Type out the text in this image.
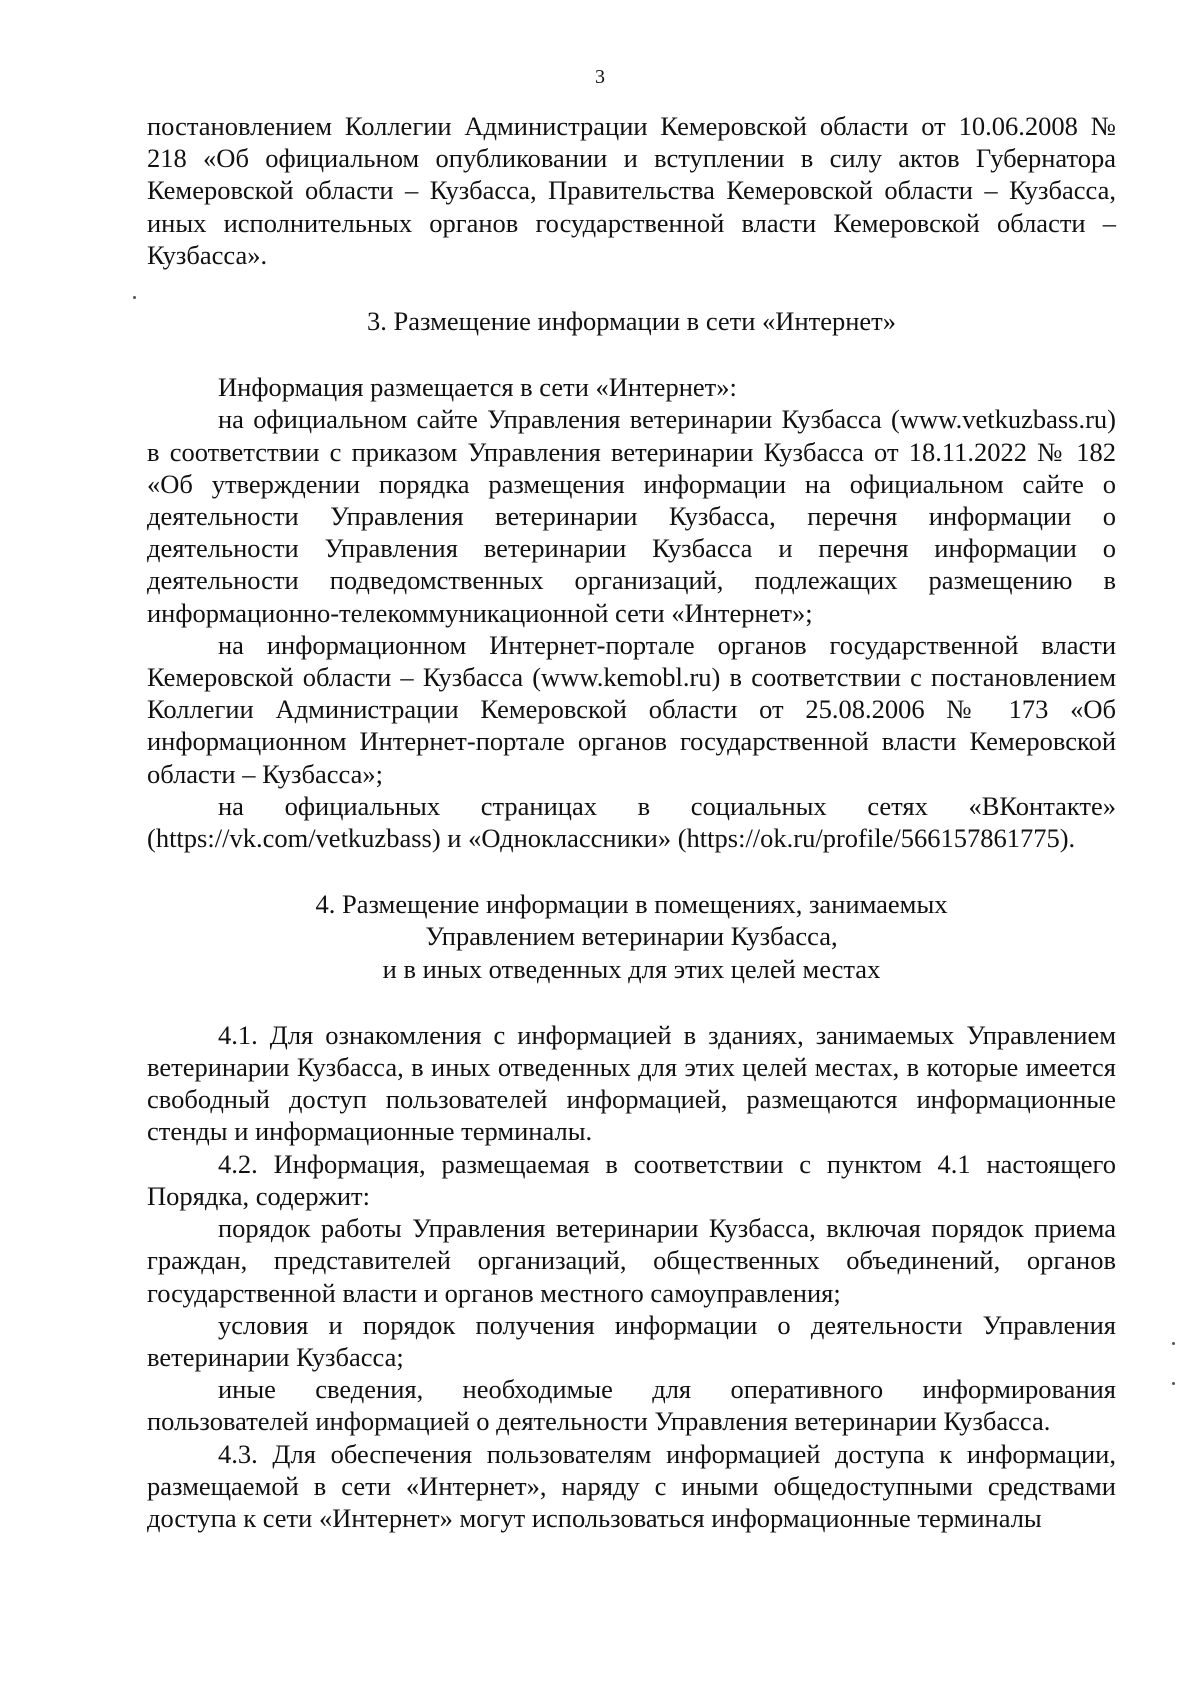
3

постановлением Коллегии Администрации Кемеровской области от 10.06.2008 № 218 «Об официальном опубликовании и вступлении в силу актов Губернатора Кемеровской области – Кузбасса, Правительства Кемеровской области – Кузбасса, иных исполнительных органов государственной власти Кемеровской области – Кузбасса».

3. Размещение информации в сети «Интернет»

Информация размещается в сети «Интернет»:

на официальном сайте Управления ветеринарии Кузбасса (www.vetkuzbass.ru) в соответствии с приказом Управления ветеринарии Кузбасса от 18.11.2022 № 182 «Об утверждении порядка размещения информации на официальном сайте о деятельности Управления ветеринарии Кузбасса, перечня информации о деятельности Управления ветеринарии Кузбасса и перечня информации о деятельности подведомственных организаций, подлежащих размещению в информационно-телекоммуникационной сети «Интернет»;

на информационном Интернет-портале органов государственной власти Кемеровской области – Кузбасса (www.kemobl.ru) в соответствии с постановлением Коллегии Администрации Кемеровской области от 25.08.2006 № 173 «Об информационном Интернет-портале органов государственной власти Кемеровской области – Кузбасса»;

на официальных страницах в социальных сетях «ВКонтакте» (https://vk.com/vetkuzbass) и «Одноклассники» (https://ok.ru/profile/566157861775).

4. Размещение информации в помещениях, занимаемых
Управлением ветеринарии Кузбасса,
и в иных отведенных для этих целей местах

4.1. Для ознакомления с информацией в зданиях, занимаемых Управлением ветеринарии Кузбасса, в иных отведенных для этих целей местах, в которые имеется свободный доступ пользователей информацией, размещаются информационные стенды и информационные терминалы.

4.2. Информация, размещаемая в соответствии с пунктом 4.1 настоящего Порядка, содержит:

порядок работы Управления ветеринарии Кузбасса, включая порядок приема граждан, представителей организаций, общественных объединений, органов государственной власти и органов местного самоуправления;

условия и порядок получения информации о деятельности Управления ветеринарии Кузбасса;

иные сведения, необходимые для оперативного информирования пользователей информацией о деятельности Управления ветеринарии Кузбасса.

4.3. Для обеспечения пользователям информацией доступа к информации, размещаемой в сети «Интернет», наряду с иными общедоступными средствами доступа к сети «Интернет» могут использоваться информационные терминалы
